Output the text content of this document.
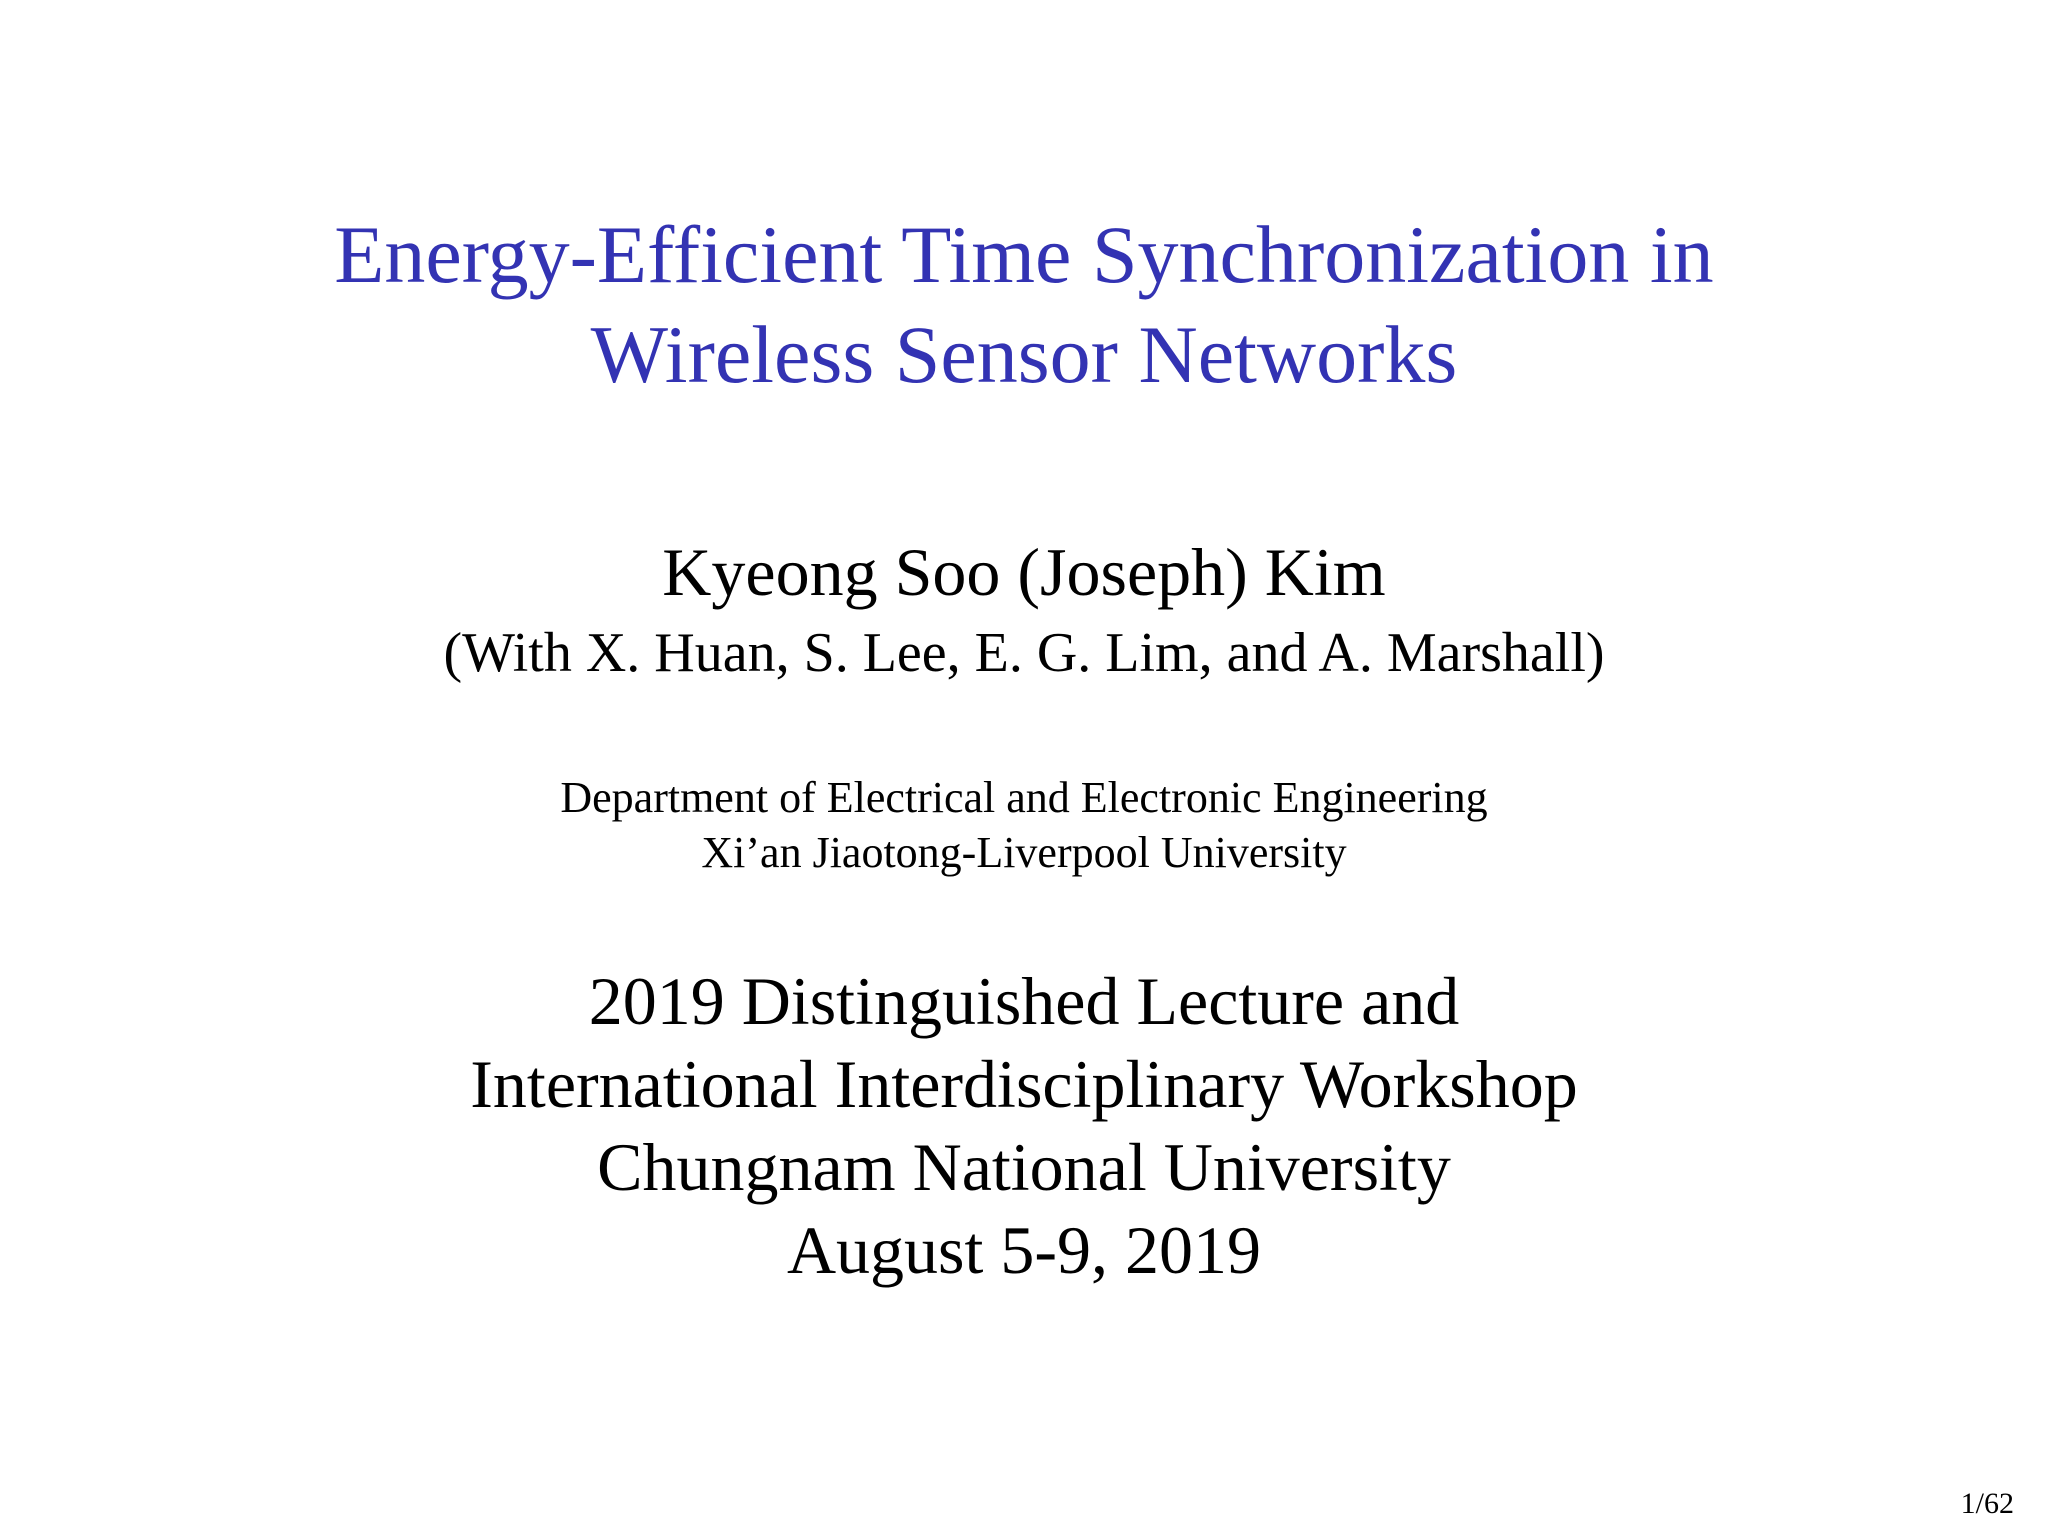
Energy-Efficient Time Synchronization in
Wireless Sensor Networks
Kyeong Soo (Joseph) Kim
(With X. Huan, S. Lee, E. G. Lim, and A. Marshall)
Department of Electrical and Electronic Engineering
Xi’an Jiaotong-Liverpool University
2019 Distinguished Lecture and
International Interdisciplinary Workshop
Chungnam National University
August 5-9, 2019
1/62
